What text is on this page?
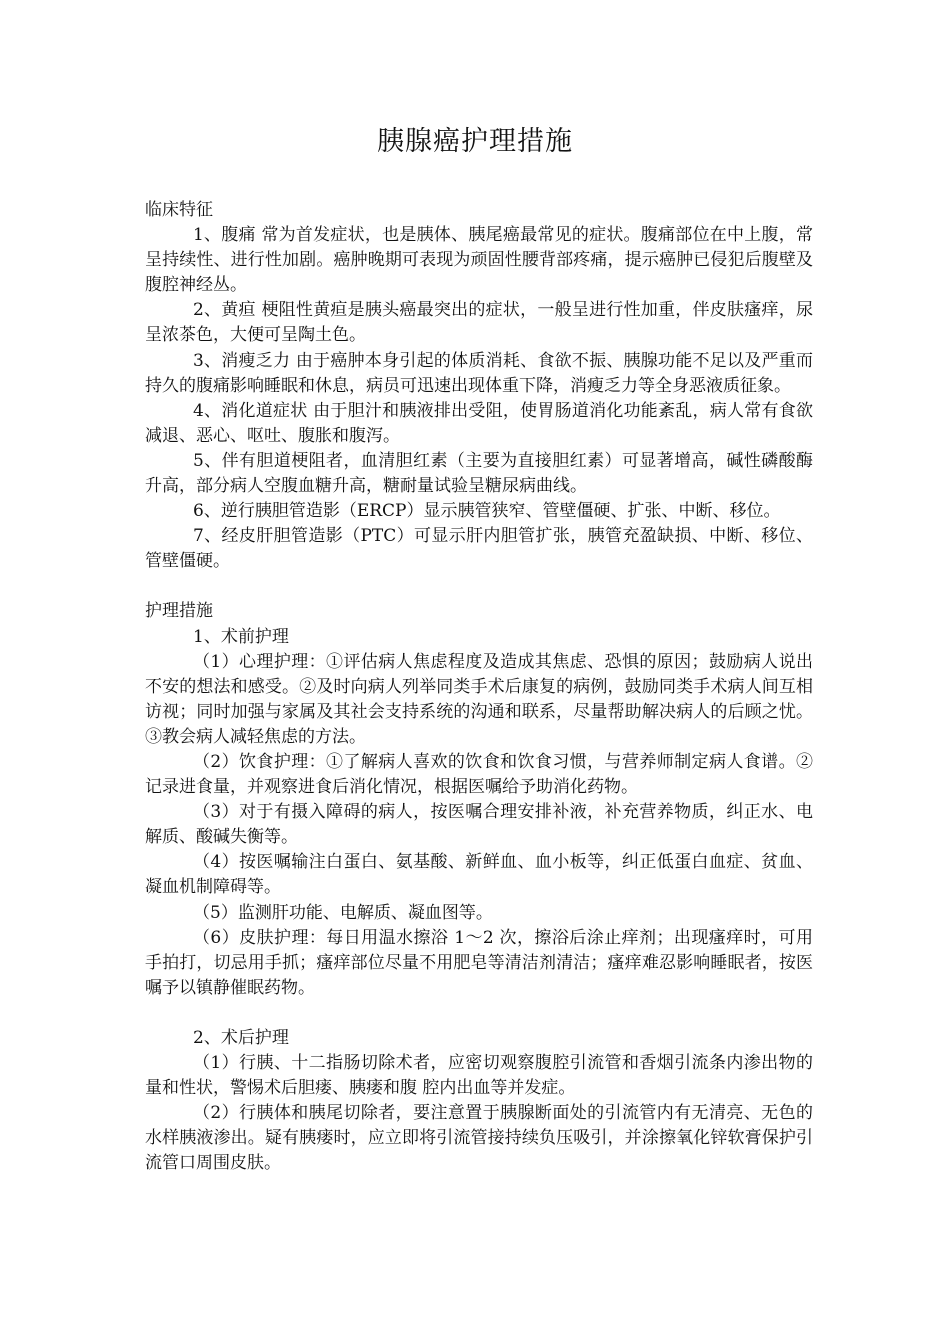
胰腺癌护理措施

临床特征

1、腹痛 常为首发症状，也是胰体、胰尾癌最常见的症状。腹痛部位在中上腹，常呈持续性、进行性加剧。癌肿晚期可表现为顽固性腰背部疼痛，提示癌肿已侵犯后腹壁及腹腔神经丛。

2、黄疸 梗阻性黄疸是胰头癌最突出的症状，一般呈进行性加重，伴皮肤瘙痒，尿呈浓茶色，大便可呈陶土色。

3、消瘦乏力 由于癌肿本身引起的体质消耗、食欲不振、胰腺功能不足以及严重而持久的腹痛影响睡眠和休息，病员可迅速出现体重下降，消瘦乏力等全身恶液质征象。

4、消化道症状 由于胆汁和胰液排出受阻，使胃肠道消化功能紊乱，病人常有食欲减退、恶心、呕吐、腹胀和腹泻。

5、伴有胆道梗阻者，血清胆红素（主要为直接胆红素）可显著增高，碱性磷酸酶升高，部分病人空腹血糖升高，糖耐量试验呈糖尿病曲线。

6、逆行胰胆管造影（ERCP）显示胰管狭窄、管壁僵硬、扩张、中断、移位。

7、经皮肝胆管造影（PTC）可显示肝内胆管扩张，胰管充盈缺损、中断、移位、管壁僵硬。

护理措施

1、术前护理

（1）心理护理：①评估病人焦虑程度及造成其焦虑、恐惧的原因；鼓励病人说出不安的想法和感受。②及时向病人列举同类手术后康复的病例，鼓励同类手术病人间互相访视；同时加强与家属及其社会支持系统的沟通和联系，尽量帮助解决病人的后顾之忧。③教会病人减轻焦虑的方法。

（2）饮食护理：①了解病人喜欢的饮食和饮食习惯，与营养师制定病人食谱。②记录进食量，并观察进食后消化情况，根据医嘱给予助消化药物。

（3）对于有摄入障碍的病人，按医嘱合理安排补液，补充营养物质，纠正水、电解质、酸碱失衡等。

（4）按医嘱输注白蛋白、氨基酸、新鲜血、血小板等，纠正低蛋白血症、贫血、凝血机制障碍等。

（5）监测肝功能、电解质、凝血图等。

（6）皮肤护理：每日用温水擦浴 1～2 次，擦浴后涂止痒剂；出现瘙痒时，可用手拍打，切忌用手抓；瘙痒部位尽量不用肥皂等清洁剂清洁；瘙痒难忍影响睡眠者，按医嘱予以镇静催眠药物。

2、术后护理

（1）行胰、十二指肠切除术者，应密切观察腹腔引流管和香烟引流条内渗出物的量和性状，警惕术后胆瘘、胰瘘和腹 腔内出血等并发症。

（2）行胰体和胰尾切除者，要注意置于胰腺断面处的引流管内有无清亮、无色的水样胰液渗出。疑有胰瘘时，应立即将引流管接持续负压吸引，并涂擦氧化锌软膏保护引流管口周围皮肤。
